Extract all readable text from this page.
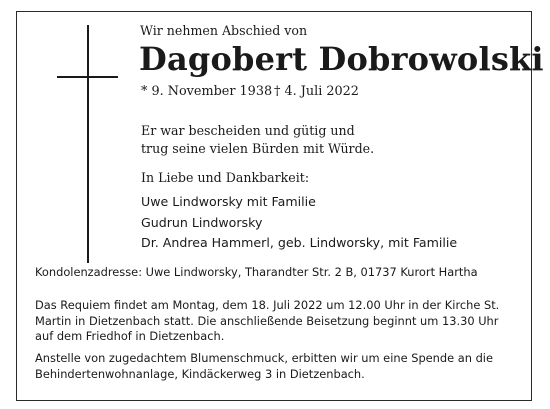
Wir nehmen Abschied von
Dagobert Dobrowolski
* 9. November 1938 † 4. Juli 2022
Er war bescheiden und gütig und
trug seine vielen Bürden mit Würde.
In Liebe und Dankbarkeit:
Uwe Lindworsky mit Familie
Gudrun Lindworsky
Dr. Andrea Hammerl, geb. Lindworsky, mit Familie
Kondolenzadresse: Uwe Lindworsky, Tharandter Str. 2 B, 01737 Kurort Hartha
Das Requiem findet am Montag, dem 18. Juli 2022 um 12.00 Uhr in der Kirche St.
Martin in Dietzenbach statt. Die anschließende Beisetzung beginnt um 13.30 Uhr
auf dem Friedhof in Dietzenbach.
Anstelle von zugedachtem Blumenschmuck, erbitten wir um eine Spende an die
Behindertenwohnanlage, Kindäckerweg 3 in Dietzenbach.
